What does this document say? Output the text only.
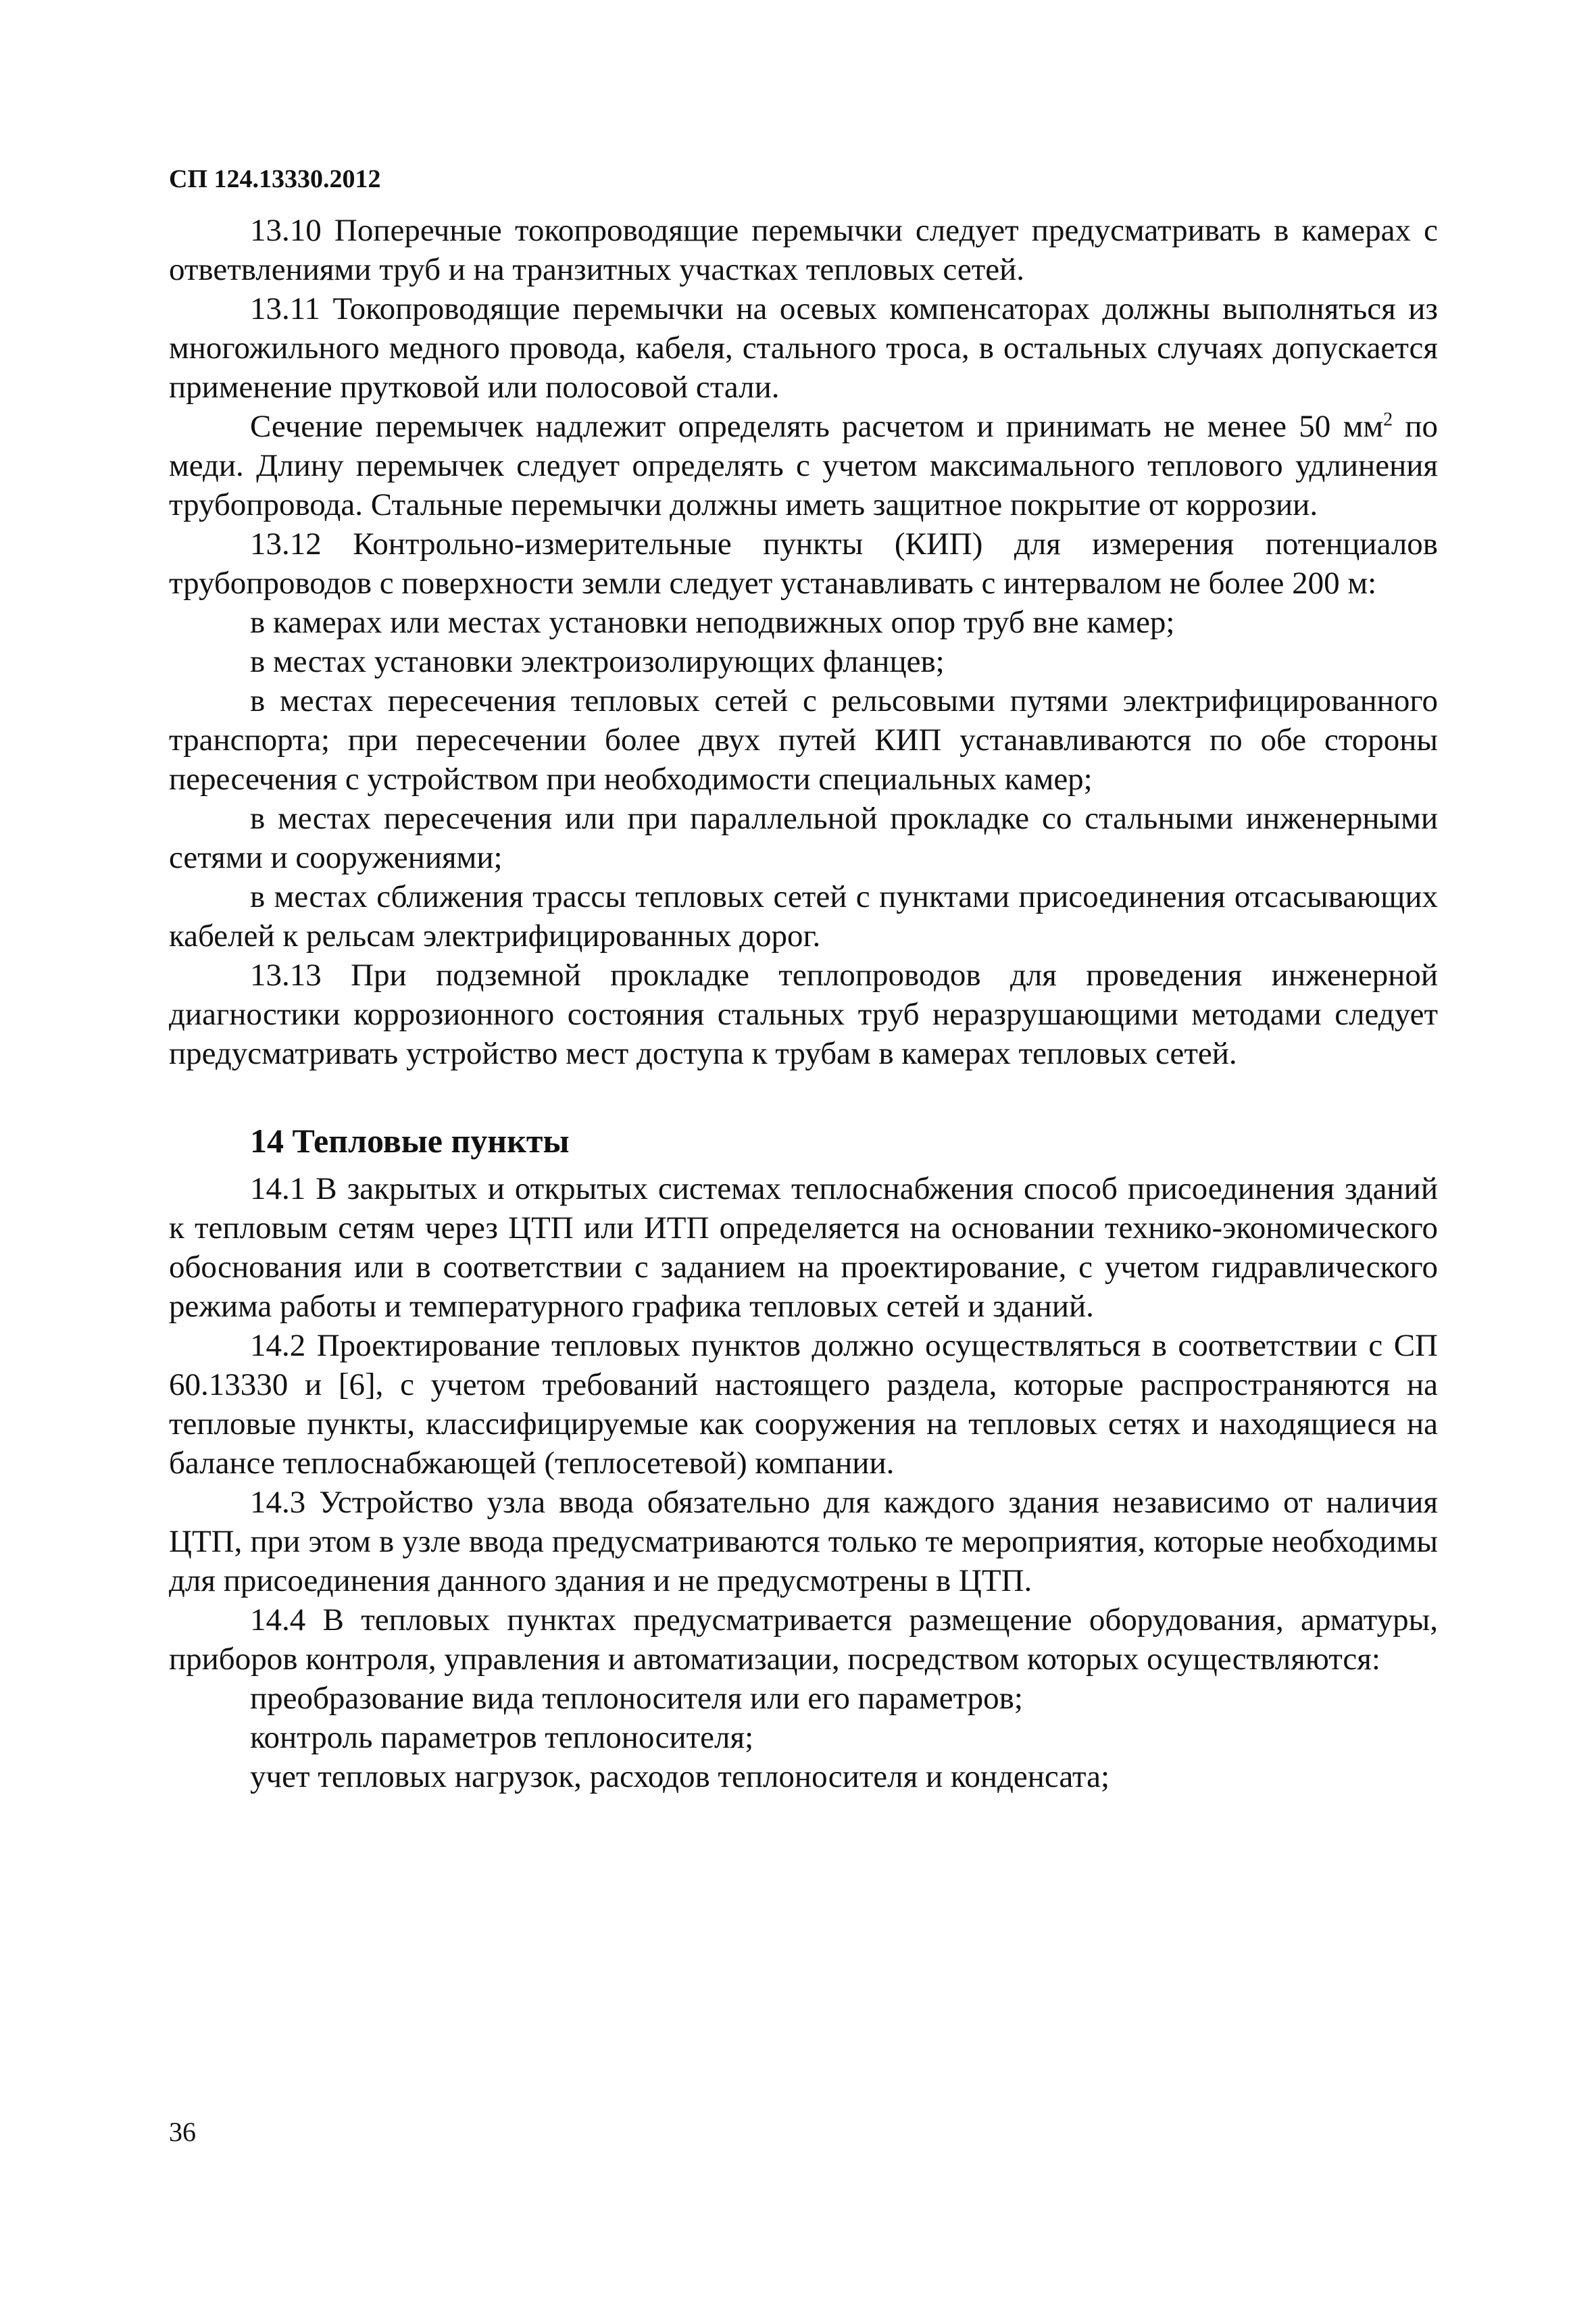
СП 124.13330.2012

13.10 Поперечные токопроводящие перемычки следует предусматривать в камерах с ответвлениями труб и на транзитных участках тепловых сетей.

13.11 Токопроводящие перемычки на осевых компенсаторах должны выполняться из многожильного медного провода, кабеля, стального троса, в остальных случаях допускается применение прутковой или полосовой стали.

Сечение перемычек надлежит определять расчетом и принимать не менее 50 $мм^2$ по меди. Длину перемычек следует определять с учетом максимального теплового удлинения трубопровода. Стальные перемычки должны иметь защитное покрытие от коррозии.

13.12 Контрольно-измерительные пункты (КИП) для измерения потенциалов трубопроводов с поверхности земли следует устанавливать с интервалом не более 200 м:

в камерах или местах установки неподвижных опор труб вне камер;

в местах установки электроизолирующих фланцев;

в местах пересечения тепловых сетей с рельсовыми путями электрифицированного транспорта; при пересечении более двух путей КИП устанавливаются по обе стороны пересечения с устройством при необходимости специальных камер;

в местах пересечения или при параллельной прокладке со стальными инженерными сетями и сооружениями;

в местах сближения трассы тепловых сетей с пунктами присоединения отсасывающих кабелей к рельсам электрифицированных дорог.

13.13 При подземной прокладке теплопроводов для проведения инженерной диагностики коррозионного состояния стальных труб неразрушающими методами следует предусматривать устройство мест доступа к трубам в камерах тепловых сетей.

14 Тепловые пункты

14.1 В закрытых и открытых системах теплоснабжения способ присоединения зданий к тепловым сетям через ЦТП или ИТП определяется на основании технико-экономического обоснования или в соответствии с заданием на проектирование, с учетом гидравлического режима работы и температурного графика тепловых сетей и зданий.

14.2 Проектирование тепловых пунктов должно осуществляться в соответствии с СП 60.13330 и [6], с учетом требований настоящего раздела, которые распространяются на тепловые пункты, классифицируемые как сооружения на тепловых сетях и находящиеся на балансе теплоснабжающей (теплосетевой) компании.

14.3 Устройство узла ввода обязательно для каждого здания независимо от наличия ЦТП, при этом в узле ввода предусматриваются только те мероприятия, которые необходимы для присоединения данного здания и не предусмотрены в ЦТП.

14.4 В тепловых пунктах предусматривается размещение оборудования, арматуры, приборов контроля, управления и автоматизации, посредством которых осуществляются:

преобразование вида теплоносителя или его параметров;

контроль параметров теплоносителя;

учет тепловых нагрузок, расходов теплоносителя и конденсата;

36
